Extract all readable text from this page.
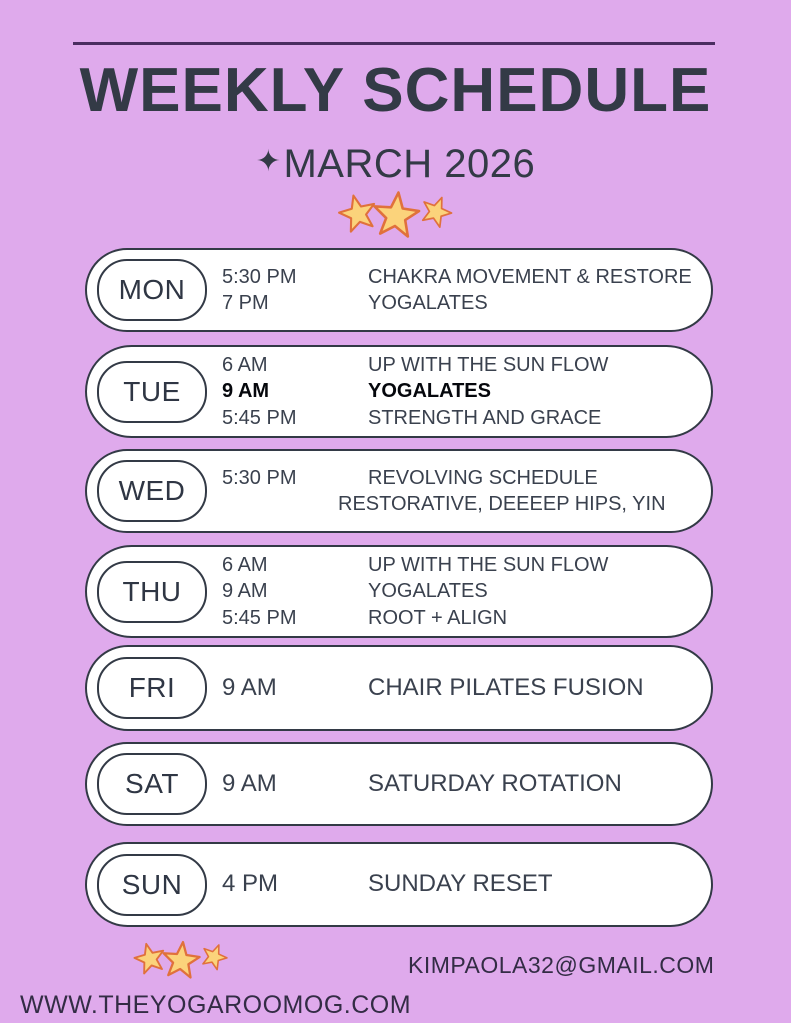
WEEKLY SCHEDULE
✦MARCH 2026
MON 5:30 PM	CHAKRA MOVEMENT & RESTORE
7 PM	YOGALATES
TUE
6 AM	UP WITH THE SUN FLOW
9 AM	YOGALATES
5:45 PM	STRENGTH AND GRACE
WED 5:30 PM	REVOLVING SCHEDULE
RESTORATIVE, DEEEEP HIPS, YIN
THU
6 AM	UP WITH THE SUN FLOW
9 AM	YOGALATES
5:45 PM	ROOT + ALIGN
FRI 9 AM	CHAIR PILATES FUSION
SAT 9 AM	SATURDAY ROTATION
SUN 4 PM	SUNDAY RESET
KIMPAOLA32@GMAIL.COM
WWW.THEYOGAROOMOG.COM
